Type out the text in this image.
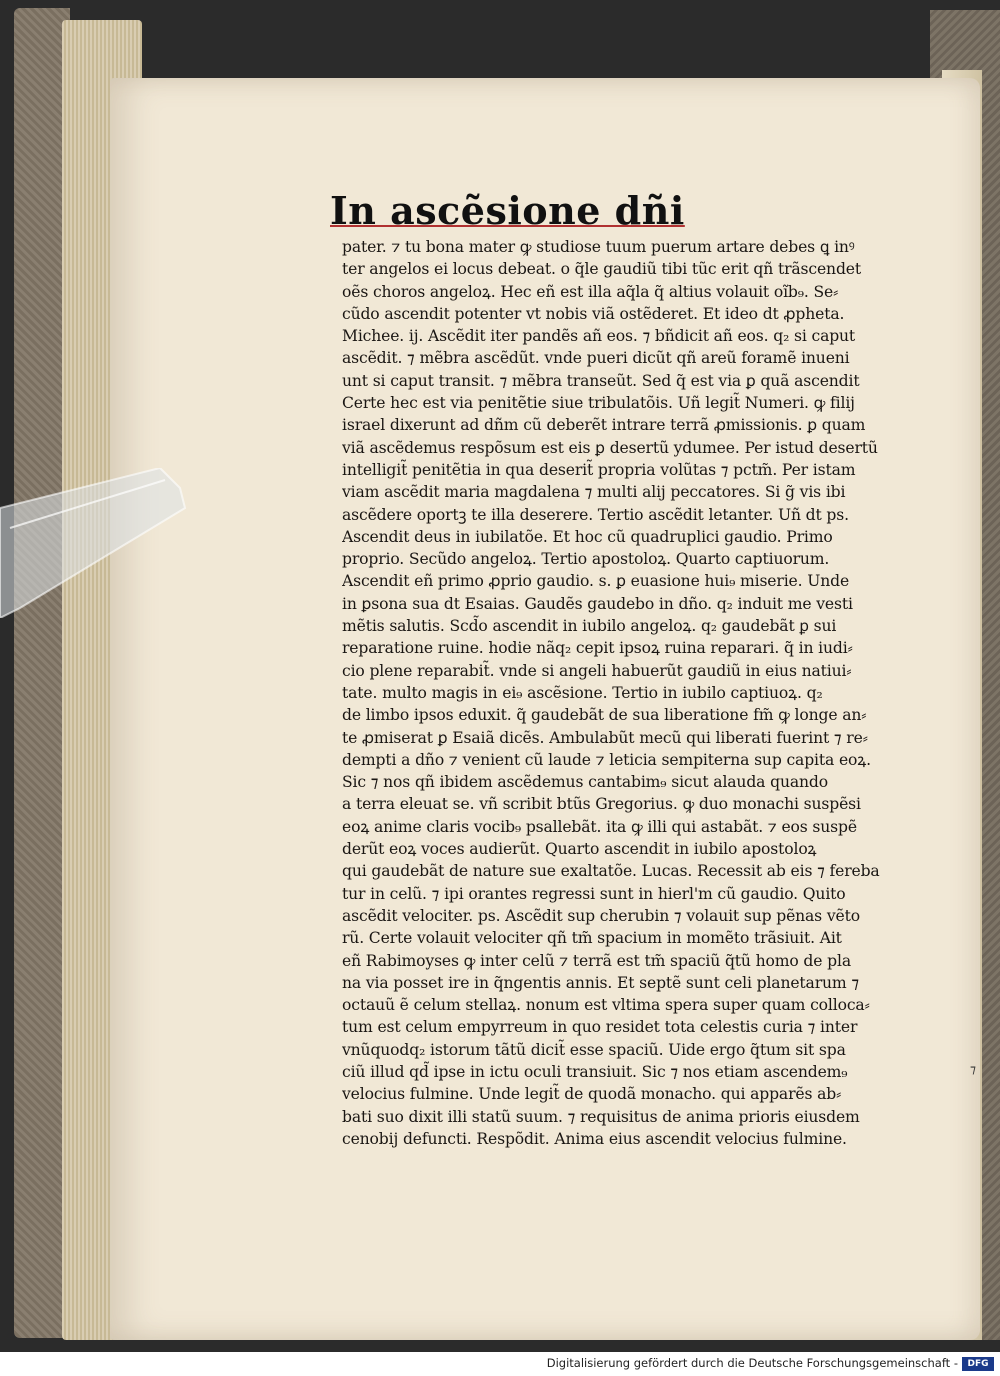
In ascẽsione dñi
pater. ⁊ tu bona mater ꝙ studiose tuum puerum artare debes ꝗ inꝰ
ter angelos ei locus debeat. o q̃le gaudiũ tibi tũc erit qñ trãscendet
oẽs choros angeloꝝ. Hec eñ est illa aq̃la q̃ altius volauit oĩb₉. Se⸗
cũdo ascendit potenter vt nobis viã ostẽderet. Et ideo dt ꝓpheta.
Michee. ij. Ascẽdit iter pandẽs añ eos. ⁊ bñdicit añ eos. q₂ si caput
ascẽdit. ⁊ mẽbra ascẽdũt. vnde pueri dicũt qñ areũ foramẽ inueni
unt si caput transit. ⁊ mẽbra transeũt. Sed q̃ est via ꝑ quã ascendit
Certe hec est via penitẽtie siue tribulatõis. Uñ legit̃ Numeri. ꝙ filij
israel dixerunt ad dñm cũ deberẽt intrare terrã ꝓmissionis. ꝑ quam
viã ascẽdemus respõsum est eis ꝑ desertũ ydumee. Per istud desertũ
intelligit̃ penitẽtia in qua deserit̃ propria volũtas ⁊ pctm̃. Per istam
viam ascẽdit maria magdalena ⁊ multi alij peccatores. Si g̃ vis ibi
ascẽdere oportꝫ te illa deserere. Tertio ascẽdit letanter. Uñ dt ps.
Ascendit deus in iubilatõe. Et hoc cũ quadruplici gaudio. Primo
proprio. Secũdo angeloꝝ. Tertio apostoloꝝ. Quarto captiuorum.
Ascendit eñ primo ꝓprio gaudio. s. ꝑ euasione hui₉ miserie. Unde
in ꝑsona sua dt Esaias. Gaudẽs gaudebo in dño. q₂ induit me vesti
mẽtis salutis. Scd̃o ascendit in iubilo angeloꝝ. q₂ gaudebãt ꝑ sui
reparatione ruine. hodie nãq₂ cepit ipsoꝝ ruina reparari. q̃ in iudi⸗
cio plene reparabit̃. vnde si angeli habuerũt gaudiũ in eius natiui⸗
tate. multo magis in ei₉ ascẽsione. Tertio in iubilo captiuoꝝ. q₂
de limbo ipsos eduxit. q̃ gaudebãt de sua liberatione fm̃ ꝙ longe an⸗
te ꝓmiserat ꝑ Esaiã dicẽs. Ambulabũt mecũ qui liberati fuerint ⁊ re⸗
dempti a dño ⁊ venient cũ laude ⁊ leticia sempiterna sup capita eoꝝ.
Sic ⁊ nos qñ ibidem ascẽdemus cantabim₉ sicut alauda quando
a terra eleuat se. vñ scribit btũs Gregorius. ꝙ duo monachi suspẽsi
eoꝝ anime claris vocib₉ psallebãt. ita ꝙ illi qui astabãt. ⁊ eos suspẽ
derũt eoꝝ voces audierũt. Quarto ascendit in iubilo apostoloꝝ
qui gaudebãt de nature sue exaltatõe. Lucas. Recessit ab eis ⁊ fereba
tur in celũ. ⁊ ipi orantes regressi sunt in hierl'm cũ gaudio. Quito
ascẽdit velociter. ps. Ascẽdit sup cherubin ⁊ volauit sup pẽnas vẽto
rũ. Certe volauit velociter qñ tm̃ spacium in momẽto trãsiuit. Ait
eñ Rabimoyses ꝙ inter celũ ⁊ terrã est tm̃ spaciũ q̃tũ homo de pla
na via posset ire in q̃ngentis annis. Et septẽ sunt celi planetarum ⁊
octauũ ẽ celum stellaꝝ. nonum est vltima spera super quam colloca⸗
tum est celum empyrreum in quo residet tota celestis curia ⁊ inter
vnũquodq₂ istorum tãtũ dicit̃ esse spaciũ. Uide ergo q̃tum sit spa
ciũ illud qd̃ ipse in ictu oculi transiuit. Sic ⁊ nos etiam ascendem₉
velocius fulmine. Unde legit̃ de quodã monacho. qui apparẽs ab⸗
bati suo dixit illi statũ suum. ⁊ requisitus de anima prioris eiusdem
cenobij defuncti. Respõdit. Anima eius ascendit velocius fulmine.
⁊
Digitalisierung gefördert durch die Deutsche Forschungsgemeinschaft -	DFG
